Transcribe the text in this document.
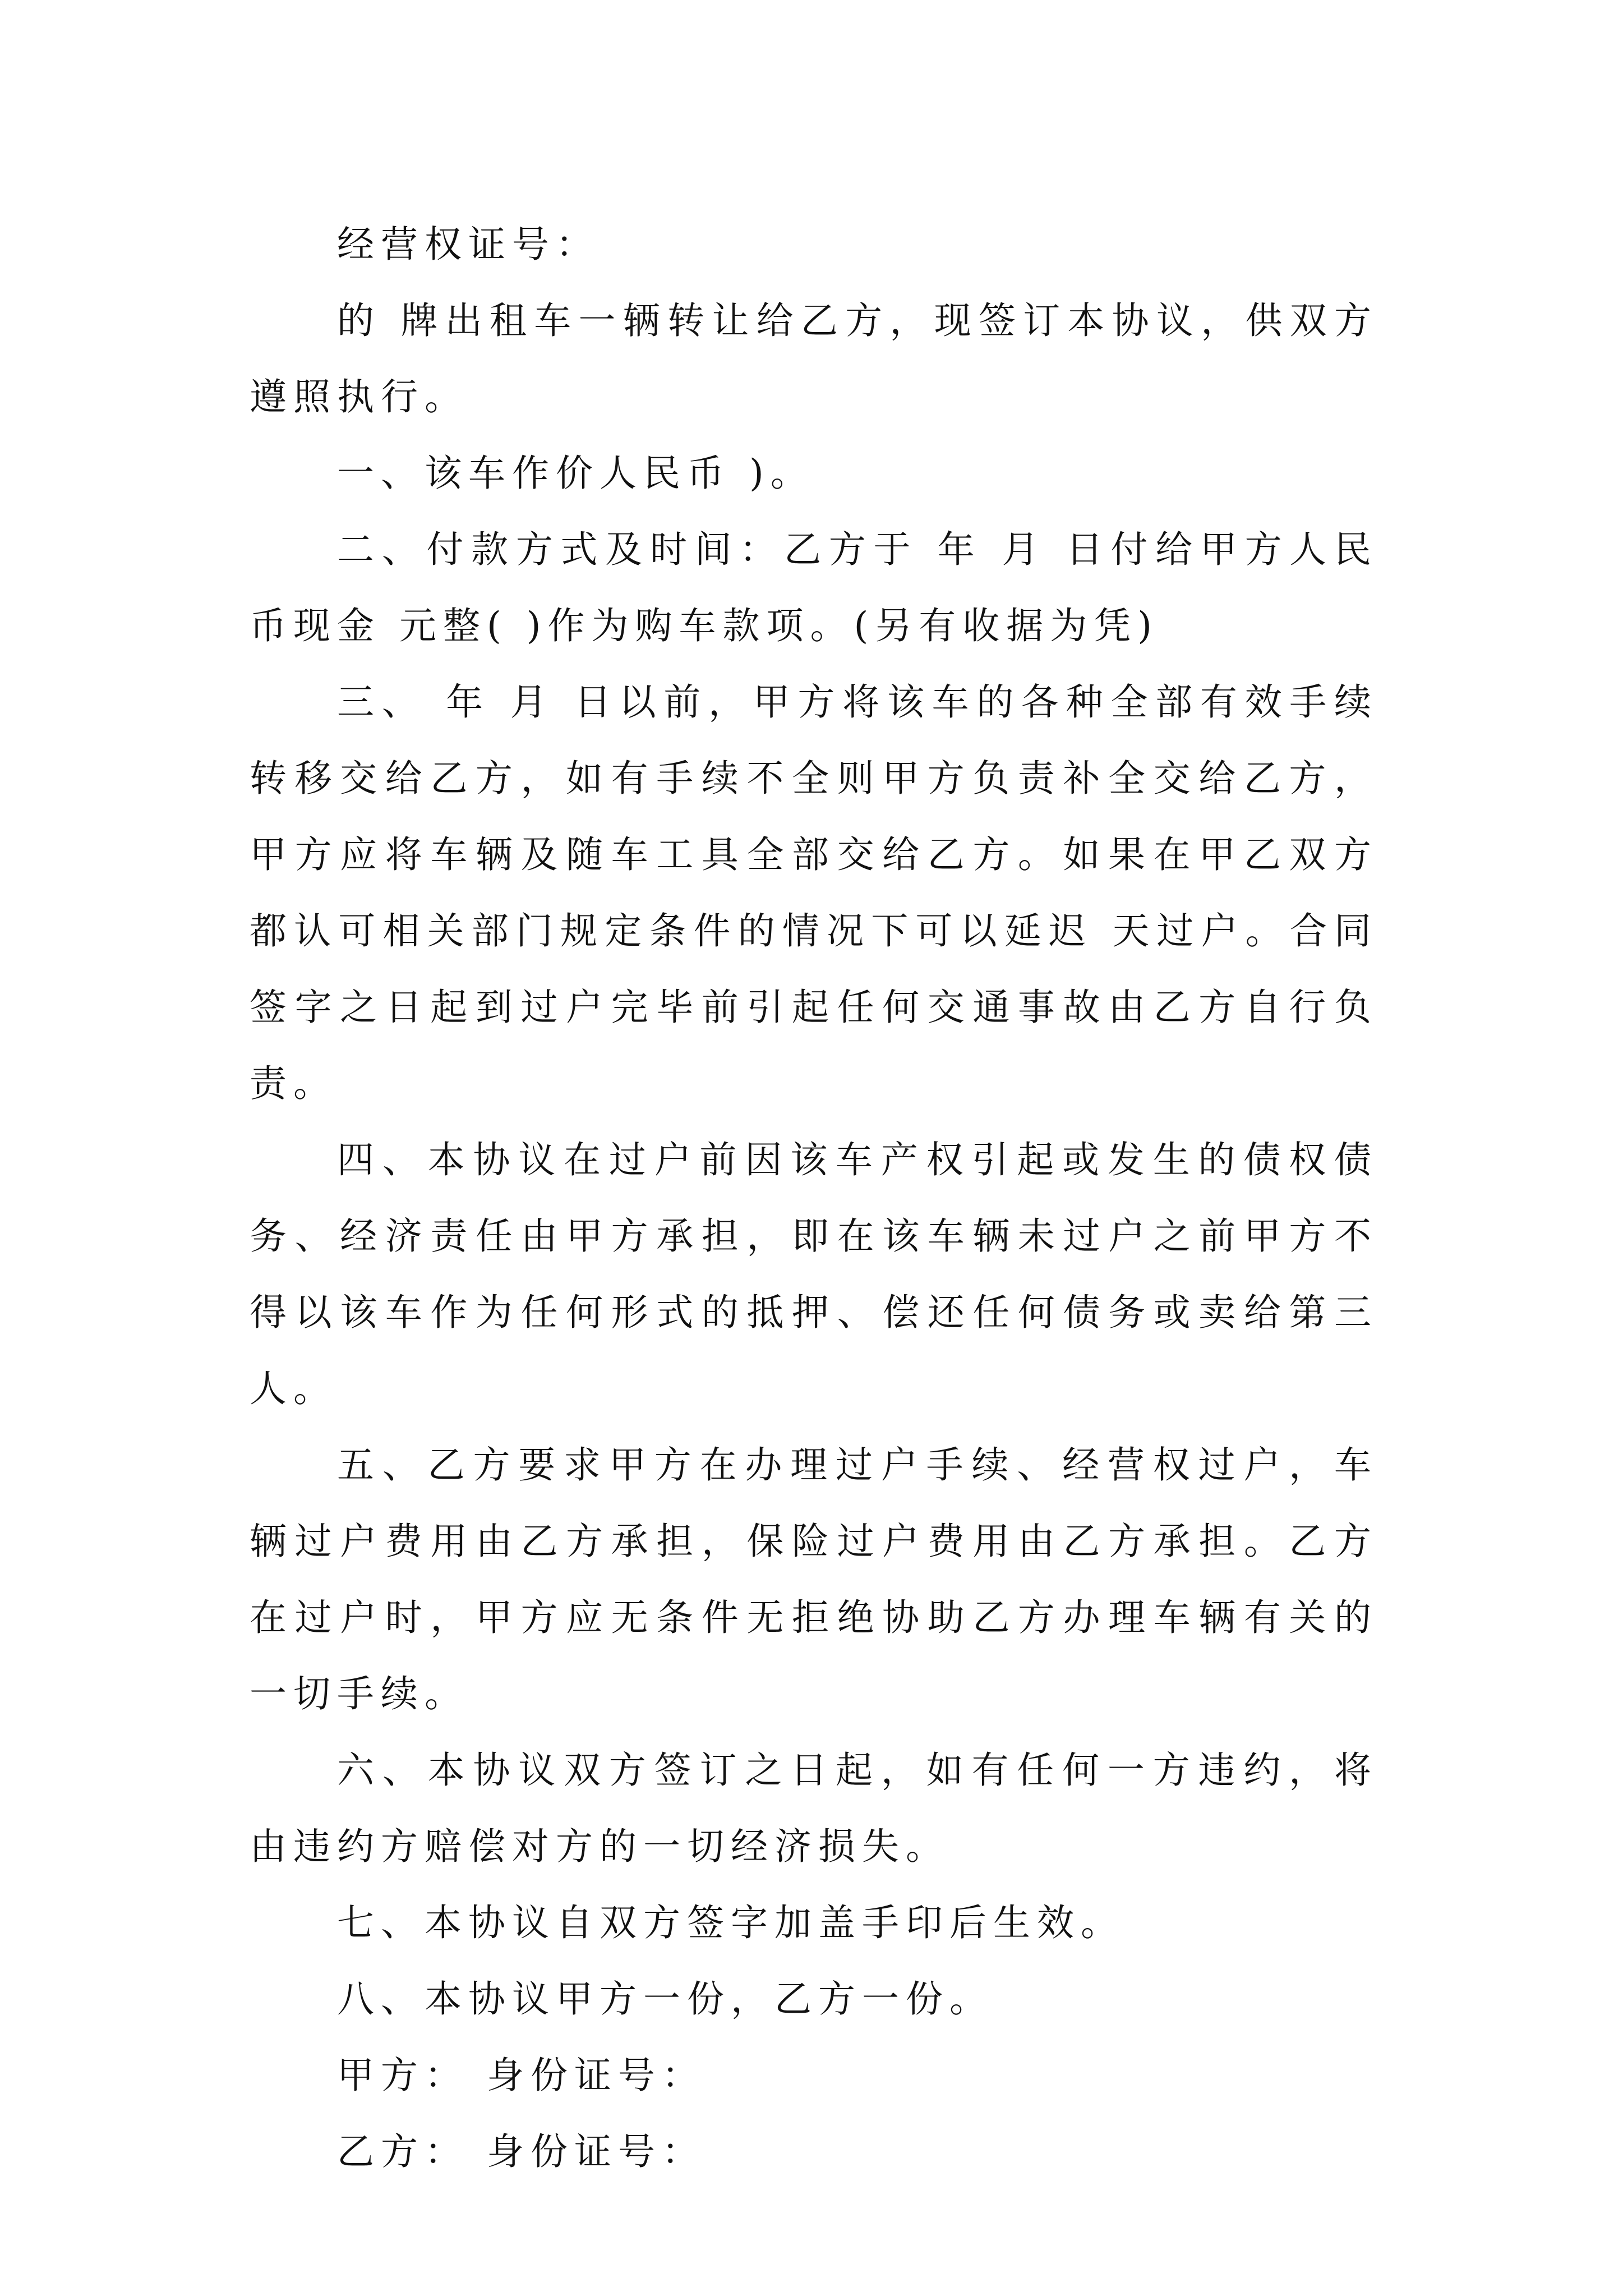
经营权证号：

的 牌出租车一辆转让给乙方，现签订本协议，供双方遵照执行。

一、该车作价人民币 )。

二、付款方式及时间：乙方于 年 月 日付给甲方人民币现金 元整( )作为购车款项。(另有收据为凭)

三、 年 月 日以前，甲方将该车的各种全部有效手续转移交给乙方，如有手续不全则甲方负责补全交给乙方，甲方应将车辆及随车工具全部交给乙方。如果在甲乙双方都认可相关部门规定条件的情况下可以延迟 天过户。合同签字之日起到过户完毕前引起任何交通事故由乙方自行负责。

四、本协议在过户前因该车产权引起或发生的债权债务、经济责任由甲方承担，即在该车辆未过户之前甲方不得以该车作为任何形式的抵押、偿还任何债务或卖给第三人。

五、乙方要求甲方在办理过户手续、经营权过户，车辆过户费用由乙方承担，保险过户费用由乙方承担。乙方在过户时，甲方应无条件无拒绝协助乙方办理车辆有关的一切手续。

六、本协议双方签订之日起，如有任何一方违约，将由违约方赔偿对方的一切经济损失。

七、本协议自双方签字加盖手印后生效。

八、本协议甲方一份，乙方一份。

甲方： 身份证号：

乙方： 身份证号：
